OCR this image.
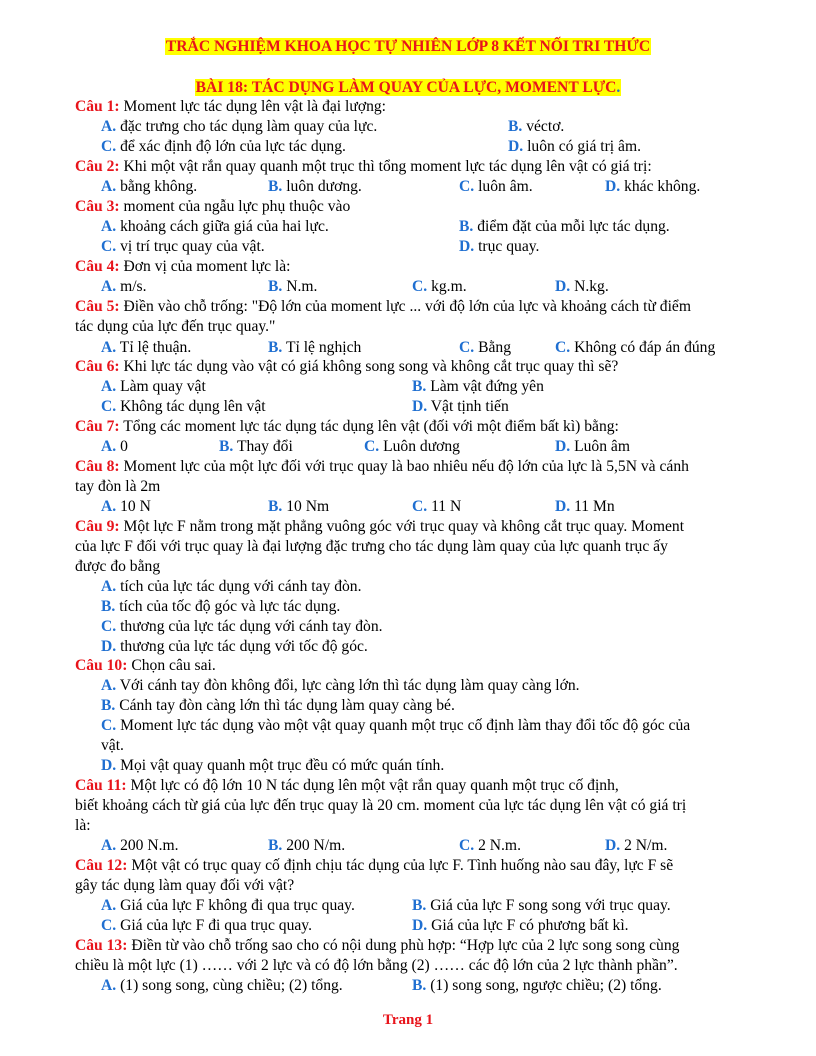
TRẮC NGHIỆM KHOA HỌC TỰ NHIÊN LỚP 8 KẾT NỐI TRI THỨC
BÀI 18: TÁC DỤNG LÀM QUAY CỦA LỰC, MOMENT LỰC.
Câu 1: Moment lực tác dụng lên vật là đại lượng:
A. đặc trưng cho tác dụng làm quay của lực.	B. véctơ.
C. để xác định độ lớn của lực tác dụng.	D. luôn có giá trị âm.
Câu 2: Khi một vật rắn quay quanh một trục thì tổng moment lực tác dụng lên vật có giá trị:
A. bằng không.	B. luôn dương.	C. luôn âm.	D. khác không.
Câu 3: moment của ngẫu lực phụ thuộc vào
A. khoảng cách giữa giá của hai lực.	B. điểm đặt của mỗi lực tác dụng.
C. vị trí trục quay của vật.	D. trục quay.
Câu 4: Đơn vị của moment lực là:
A. m/s.	B. N.m.	C. kg.m.	D. N.kg.
Câu 5: Điền vào chỗ trống: "Độ lớn của moment lực ... với độ lớn của lực và khoảng cách từ điểm
tác dụng của lực đến trục quay."
A. Tỉ lệ thuận.	B. Tỉ lệ nghịch	C. Bằng	C. Không có đáp án đúng
Câu 6: Khi lực tác dụng vào vật có giá không song song và không cắt trục quay thì sẽ?
A. Làm quay vật	B. Làm vật đứng yên
C. Không tác dụng lên vật	D. Vật tịnh tiến
Câu 7: Tổng các moment lực tác dụng tác dụng lên vật (đối với một điểm bất kì) bằng:
A. 0	B. Thay đổi	C. Luôn dương	D. Luôn âm
Câu 8: Moment lực của một lực đối với trục quay là bao nhiêu nếu độ lớn của lực là 5,5N và cánh
tay đòn là 2m
A. 10 N	B. 10 Nm	C. 11 N	D. 11 Mn
Câu 9: Một lực F nằm trong mặt phẳng vuông góc với trục quay và không cắt trục quay. Moment
của lực F đối với trục quay là đại lượng đặc trưng cho tác dụng làm quay của lực quanh trục ấy
được đo bằng
A. tích của lực tác dụng với cánh tay đòn.
B. tích của tốc độ góc và lực tác dụng.
C. thương của lực tác dụng với cánh tay đòn.
D. thương của lực tác dụng với tốc độ góc.
Câu 10: Chọn câu sai.
A. Với cánh tay đòn không đổi, lực càng lớn thì tác dụng làm quay càng lớn.
B. Cánh tay đòn càng lớn thì tác dụng làm quay càng bé.
C. Moment lực tác dụng vào một vật quay quanh một trục cố định làm thay đổi tốc độ góc của
vật.
D. Mọi vật quay quanh một trục đều có mức quán tính.
Câu 11: Một lực có độ lớn 10 N tác dụng lên một vật rắn quay quanh một trục cố định,
biết khoảng cách từ giá của lực đến trục quay là 20 cm. moment của lực tác dụng lên vật có giá trị
là:
A. 200 N.m.	B. 200 N/m.	C. 2 N.m.	D. 2 N/m.
Câu 12: Một vật có trục quay cố định chịu tác dụng của lực F. Tình huống nào sau đây, lực F sẽ
gây tác dụng làm quay đối với vật?
A. Giá của lực F không đi qua trục quay.	B. Giá của lực F song song với trục quay.
C. Giá của lực F đi qua trục quay.	D. Giá của lực F có phương bất kì.
Câu 13: Điền từ vào chỗ trống sao cho có nội dung phù hợp: “Hợp lực của 2 lực song song cùng
chiều là một lực (1) …… với 2 lực và có độ lớn bằng (2) …… các độ lớn của 2 lực thành phần”.
A. (1) song song, cùng chiều; (2) tổng.	B. (1) song song, ngược chiều; (2) tổng.
Trang 1
